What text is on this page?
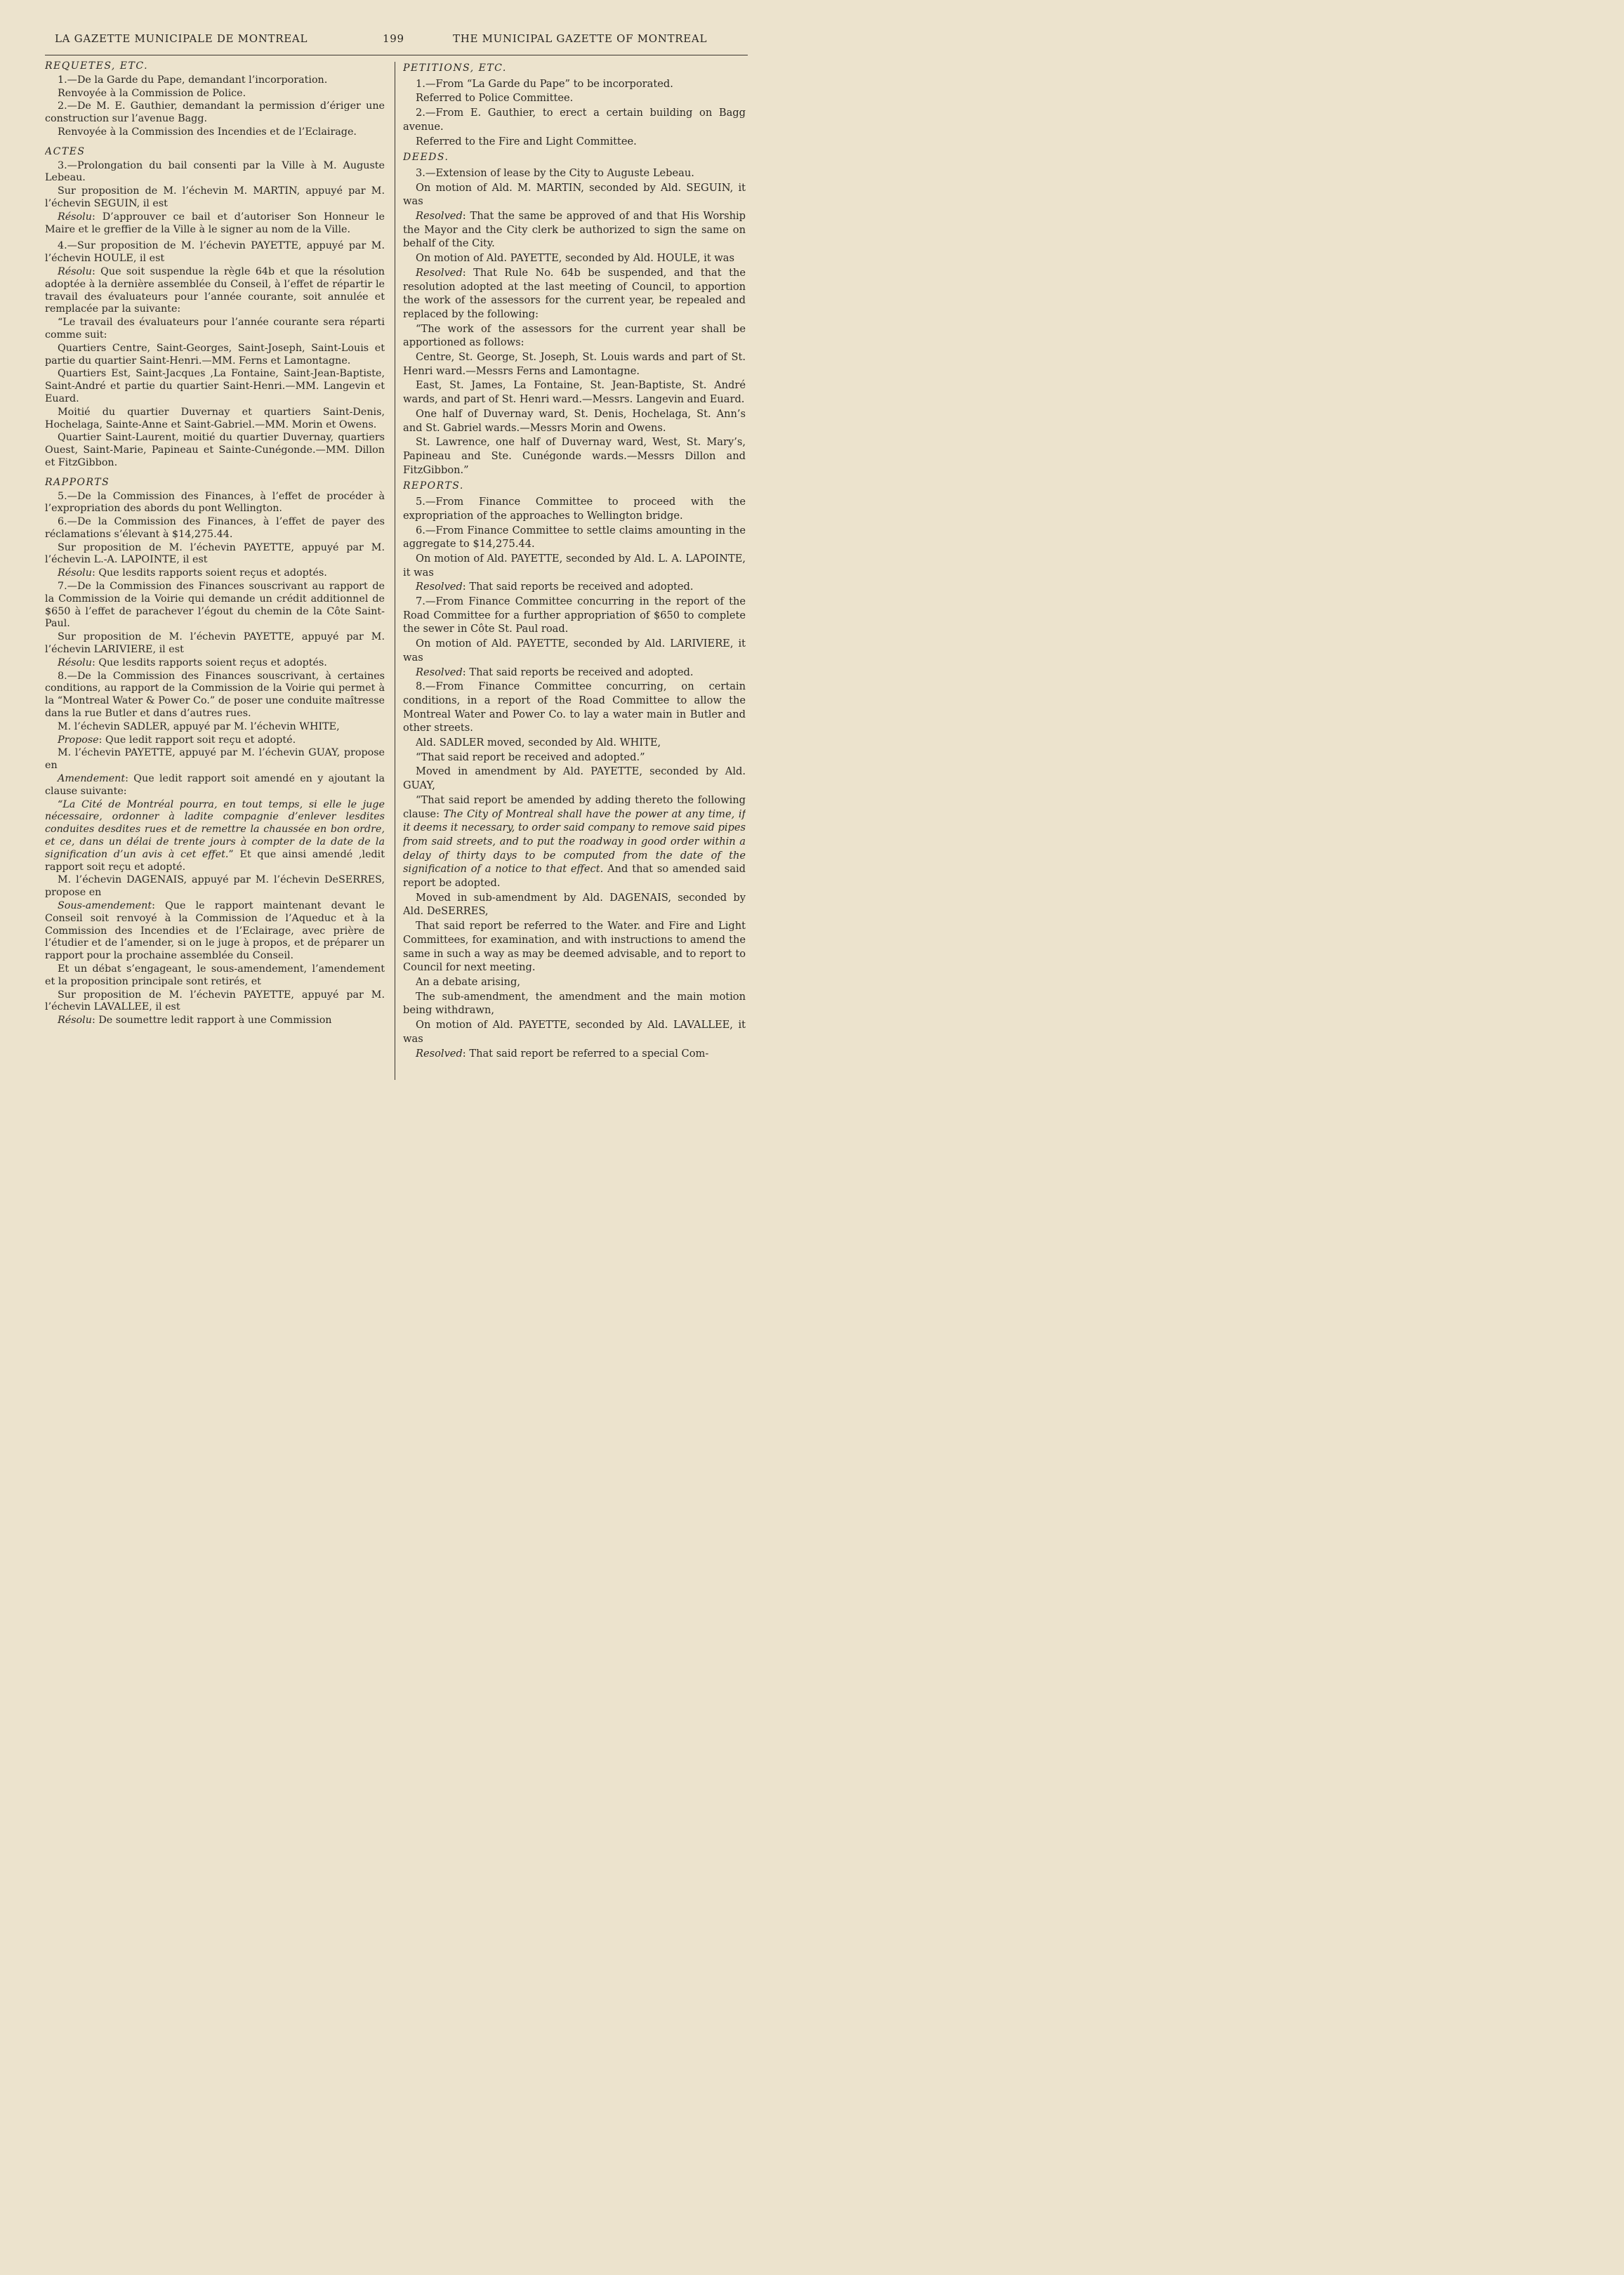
LA GAZETTE MUNICIPALE DE MONTREAL	199	THE MUNICIPAL GAZETTE OF MONTREAL

REQUETES, ETC.

1.—De la Garde du Pape, demandant l’incorporation.

Renvoyée à la Commission de Police.

2.—De M. E. Gauthier, demandant la permission d’ériger une construction sur l’avenue Bagg.

Renvoyée à la Commission des Incendies et de l’Eclairage.

ACTES

3.—Prolongation du bail consenti par la Ville à M. Auguste Lebeau.

Sur proposition de M. l’échevin M. MARTIN, appuyé par M. l’échevin SEGUIN, il est

Résolu: D’approuver ce bail et d’autoriser Son Honneur le Maire et le greffier de la Ville à le signer au nom de la Ville.

4.—Sur proposition de M. l’échevin PAYETTE, appuyé par M. l’échevin HOULE, il est

Résolu: Que soit suspendue la règle 64b et que la résolution adoptée à la dernière assemblée du Conseil, à l’effet de répartir le travail des évaluateurs pour l’année courante, soit annulée et remplacée par la suivante:

“Le travail des évaluateurs pour l’année courante sera réparti comme suit:

Quartiers Centre, Saint-Georges, Saint-Joseph, Saint-Louis et partie du quartier Saint-Henri.—MM. Ferns et Lamontagne.

Quartiers Est, Saint-Jacques ,La Fontaine, Saint-Jean-Baptiste, Saint-André et partie du quartier Saint-Henri.—MM. Langevin et Euard.

Moitié du quartier Duvernay et quartiers Saint-Denis, Hochelaga, Sainte-Anne et Saint-Gabriel.—MM. Morin et Owens.

Quartier Saint-Laurent, moitié du quartier Duvernay, quartiers Ouest, Saint-Marie, Papineau et Sainte-Cunégonde.—MM. Dillon et FitzGibbon.

RAPPORTS

5.—De la Commission des Finances, à l’effet de procéder à l’expropriation des abords du pont Wellington.

6.—De la Commission des Finances, à l’effet de payer des réclamations s’élevant à $14,275.44.

Sur proposition de M. l’échevin PAYETTE, appuyé par M. l’échevin L.-A. LAPOINTE, il est

Résolu: Que lesdits rapports soient reçus et adoptés.

7.—De la Commission des Finances souscrivant au rapport de la Commission de la Voirie qui demande un crédit additionnel de $650 à l’effet de parachever l’égout du chemin de la Côte Saint-Paul.

Sur proposition de M. l’échevin PAYETTE, appuyé par M. l’échevin LARIVIERE, il est

Résolu: Que lesdits rapports soient reçus et adoptés.

8.—De la Commission des Finances souscrivant, à certaines conditions, au rapport de la Commission de la Voirie qui permet à la “Montreal Water & Power Co.” de poser une conduite maîtresse dans la rue Butler et dans d’autres rues.

M. l’échevin SADLER, appuyé par M. l’échevin WHITE,

Propose: Que ledit rapport soit reçu et adopté.

M. l’échevin PAYETTE, appuyé par M. l’échevin GUAY, propose en

Amendement: Que ledit rapport soit amendé en y ajoutant la clause suivante:

“La Cité de Montréal pourra, en tout temps, si elle le juge nécessaire, ordonner à ladite compagnie d’enlever lesdites conduites desdites rues et de remettre la chaussée en bon ordre, et ce, dans un délai de trente jours à compter de la date de la signification d’un avis à cet effet.” Et que ainsi amendé ,ledit rapport soit reçu et adopté.

M. l’échevin DAGENAIS, appuyé par M. l’échevin DeSERRES, propose en

Sous-amendement: Que le rapport maintenant devant le Conseil soit renvoyé à la Commission de l’Aqueduc et à la Commission des Incendies et de l’Eclairage, avec prière de l’étudier et de l’amender, si on le juge à propos, et de préparer un rapport pour la prochaine assemblée du Conseil.

Et un débat s’engageant, le sous-amendement, l’amendement et la proposition principale sont retirés, et

Sur proposition de M. l’échevin PAYETTE, appuyé par M. l’échevin LAVALLEE, il est

Résolu: De soumettre ledit rapport à une Commission

PETITIONS, ETC.

1.—From “La Garde du Pape” to be incorporated.

Referred to Police Committee.

2.—From E. Gauthier, to erect a certain building on Bagg avenue.

Referred to the Fire and Light Committee.

DEEDS.

3.—Extension of lease by the City to Auguste Lebeau.

On motion of Ald. M. MARTIN, seconded by Ald. SEGUIN, it was

Resolved: That the same be approved of and that His Worship the Mayor and the City clerk be authorized to sign the same on behalf of the City.

On motion of Ald. PAYETTE, seconded by Ald. HOULE, it was

Resolved: That Rule No. 64b be suspended, and that the resolution adopted at the last meeting of Council, to apportion the work of the assessors for the current year, be repealed and replaced by the following:

“The work of the assessors for the current year shall be apportioned as follows:

Centre, St. George, St. Joseph, St. Louis wards and part of St. Henri ward.—Messrs Ferns and Lamontagne.

East, St. James, La Fontaine, St. Jean-Baptiste, St. André wards, and part of St. Henri ward.—Messrs. Langevin and Euard.

One half of Duvernay ward, St. Denis, Hochelaga, St. Ann’s and St. Gabriel wards.—Messrs Morin and Owens.

St. Lawrence, one half of Duvernay ward, West, St. Mary’s, Papineau and Ste. Cunégonde wards.—Messrs Dillon and FitzGibbon.”

REPORTS.

5.—From Finance Committee to proceed with the expropriation of the approaches to Wellington bridge.

6.—From Finance Committee to settle claims amounting in the aggregate to $14,275.44.

On motion of Ald. PAYETTE, seconded by Ald. L. A. LAPOINTE, it was

Resolved: That said reports be received and adopted.

7.—From Finance Committee concurring in the report of the Road Committee for a further appropriation of $650 to complete the sewer in Côte St. Paul road.

On motion of Ald. PAYETTE, seconded by Ald. LARIVIERE, it was

Resolved: That said reports be received and adopted.

8.—From Finance Committee concurring, on certain conditions, in a report of the Road Committee to allow the Montreal Water and Power Co. to lay a water main in Butler and other streets.

Ald. SADLER moved, seconded by Ald. WHITE,

“That said report be received and adopted.”

Moved in amendment by Ald. PAYETTE, seconded by Ald. GUAY,

“That said report be amended by adding thereto the following clause: The City of Montreal shall have the power at any time, if it deems it necessary, to order said company to remove said pipes from said streets, and to put the roadway in good order within a delay of thirty days to be computed from the date of the signification of a notice to that effect. And that so amended said report be adopted.

Moved in sub-amendment by Ald. DAGENAIS, seconded by Ald. DeSERRES,

That said report be referred to the Water. and Fire and Light Committees, for examination, and with instructions to amend the same in such a way as may be deemed advisable, and to report to Council for next meeting.

An a debate arising,

The sub-amendment, the amendment and the main motion being withdrawn,

On motion of Ald. PAYETTE, seconded by Ald. LAVALLEE, it was

Resolved: That said report be referred to a special Com-
